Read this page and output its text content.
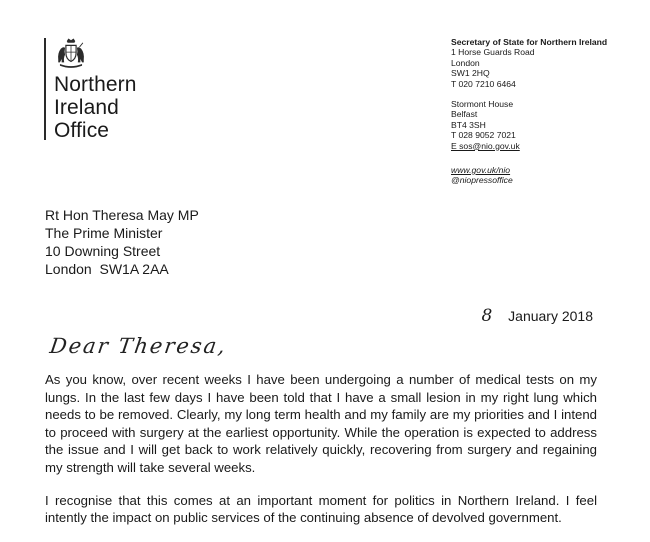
Northern
Ireland
Office
Secretary of State for Northern Ireland
1 Horse Guards Road
London
SW1 2HQ
T 020 7210 6464
Stormont House
Belfast
BT4 3SH
T 028 9052 7021
E sos@nio.gov.uk
www.gov.uk/nio
@niopressoffice
Rt Hon Theresa May MP
The Prime Minister
10 Downing Street
London  SW1A 2AA
8 January 2018
Dear Theresa,

As you know, over recent weeks I have been undergoing a number of medical tests on my lungs. In the last few days I have been told that I have a small lesion in my right lung which needs to be removed. Clearly, my long term health and my family are my priorities and I intend to proceed with surgery at the earliest opportunity. While the operation is expected to address the issue and I will get back to work relatively quickly, recovering from surgery and regaining my strength will take several weeks.

I recognise that this comes at an important moment for politics in Northern Ireland. I feel intently the impact on public services of the continuing absence of devolved government.
